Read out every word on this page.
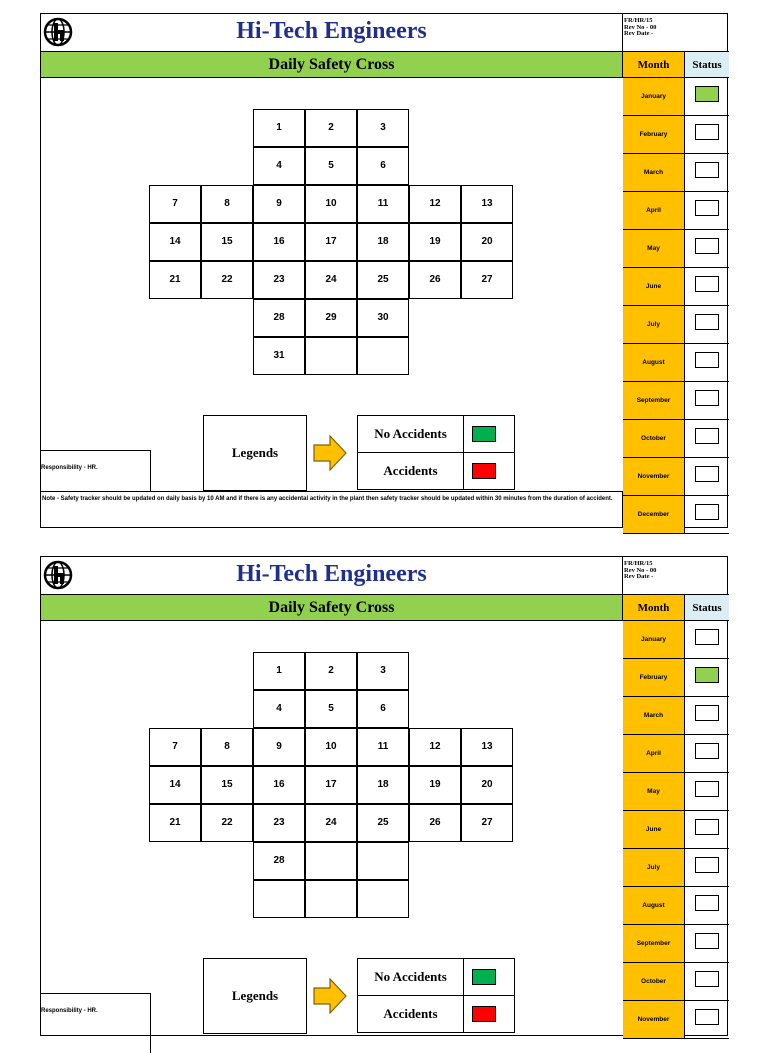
Hi-Tech Engineers	FR/HR/15
Rev No - 00
Rev Date -
Daily Safety Cross	Month	Status
1	2	3
4	5	6
7	8	9	10	11	12	13
14	15	16	17	18	19	20
21	22	23	24	25	26	27
28	29	30
31
January
February
March
April
May
June
July
August
September
October
November
December
Legends
No Accidents
Accidents
Responsibility - HR.
Note - Safety tracker should be updated on daily basis by 10 AM and if there is any accidental activity in the plant then safety tracker should be updated within 30 minutes from the duration of accident.
Hi-Tech Engineers	FR/HR/15
Rev No - 00
Rev Date -
Daily Safety Cross	Month	Status
1	2	3
4	5	6
7	8	9	10	11	12	13
14	15	16	17	18	19	20
21	22	23	24	25	26	27
28
January
February
March
April
May
June
July
August
September
October
November
Legends
No Accidents
Accidents
Responsibility - HR.
